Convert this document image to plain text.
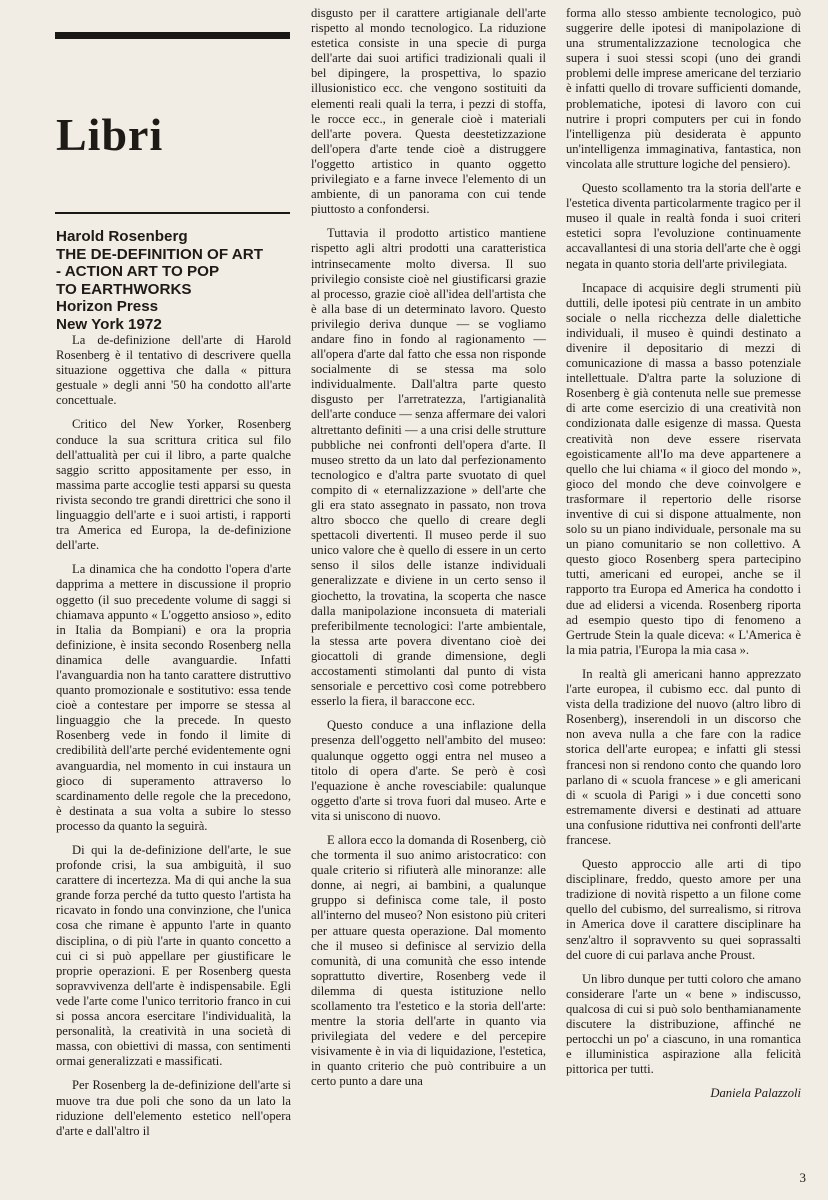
Libri
Harold Rosenberg
THE DE-DEFINITION OF ART
- ACTION ART TO POP
TO EARTHWORKS
Horizon Press
New York 1972

La de-definizione dell'arte di Harold Rosenberg è il tentativo di descrivere quella situazione oggettiva che dalla « pittura gestuale » degli anni '50 ha condotto all'arte concettuale.

Critico del New Yorker, Rosenberg conduce la sua scrittura critica sul filo dell'attualità per cui il libro, a parte qualche saggio scritto appositamente per esso, in massima parte accoglie testi apparsi su questa rivista secondo tre grandi direttrici che sono il linguaggio dell'arte e i suoi artisti, i rapporti tra America ed Europa, la de-definizione dell'arte.

La dinamica che ha condotto l'opera d'arte dapprima a mettere in discussione il proprio oggetto (il suo precedente volume di saggi si chiamava appunto « L'oggetto ansioso », edito in Italia da Bompiani) e ora la propria definizione, è insita secondo Rosenberg nella dinamica delle avanguardie. Infatti l'avanguardia non ha tanto carattere distruttivo quanto promozionale e sostitutivo: essa tende cioè a contestare per imporre se stessa al linguaggio che la precede. In questo Rosenberg vede in fondo il limite di credibilità dell'arte perché evidentemente ogni avanguardia, nel momento in cui instaura un gioco di superamento attraverso lo scardinamento delle regole che la precedono, è destinata a sua volta a subire lo stesso processo da quanto la seguirà.

Di qui la de-definizione dell'arte, le sue profonde crisi, la sua ambiguità, il suo carattere di incertezza. Ma di qui anche la sua grande forza perché da tutto questo l'artista ha ricavato in fondo una convinzione, che l'unica cosa che rimane è appunto l'arte in quanto disciplina, o di più l'arte in quanto concetto a cui ci si può appellare per giustificare le proprie operazioni. E per Rosenberg questa sopravvivenza dell'arte è indispensabile. Egli vede l'arte come l'unico territorio franco in cui si possa ancora esercitare l'individualità, la personalità, la creatività in una società di massa, con obiettivi di massa, con sentimenti ormai generalizzati e massificati.

Per Rosenberg la de-definizione dell'arte si muove tra due poli che sono da un lato la riduzione dell'elemento estetico nell'opera d'arte e dall'altro il

disgusto per il carattere artigianale dell'arte rispetto al mondo tecnologico. La riduzione estetica consiste in una specie di purga dell'arte dai suoi artifici tradizionali quali il bel dipingere, la prospettiva, lo spazio illusionistico ecc. che vengono sostituiti da elementi reali quali la terra, i pezzi di stoffa, le rocce ecc., in generale cioè i materiali dell'arte povera. Questa deestetizzazione dell'opera d'arte tende cioè a distruggere l'oggetto artistico in quanto oggetto privilegiato e a farne invece l'elemento di un ambiente, di un panorama con cui tende piuttosto a confondersi.

Tuttavia il prodotto artistico mantiene rispetto agli altri prodotti una caratteristica intrinsecamente molto diversa. Il suo privilegio consiste cioè nel giustificarsi grazie al processo, grazie cioè all'idea dell'artista che è alla base di un determinato lavoro. Questo privilegio deriva dunque — se vogliamo andare fino in fondo al ragionamento — all'opera d'arte dal fatto che essa non risponde socialmente di se stessa ma solo individualmente. Dall'altra parte questo disgusto per l'arretratezza, l'artigianalità dell'arte conduce — senza affermare dei valori altrettanto definiti — a una crisi delle strutture pubbliche nei confronti dell'opera d'arte. Il museo stretto da un lato dal perfezionamento tecnologico e d'altra parte svuotato di quel compito di « eternalizzazione » dell'arte che gli era stato assegnato in passato, non trova altro sbocco che quello di creare degli spettacoli divertenti. Il museo perde il suo unico valore che è quello di essere in un certo senso il silos delle istanze individuali generalizzate e diviene in un certo senso il giochetto, la trovatina, la scoperta che nasce dalla manipolazione inconsueta di materiali preferibilmente tecnologici: l'arte ambientale, la stessa arte povera diventano cioè dei giocattoli di grande dimensione, degli accostamenti stimolanti dal punto di vista sensoriale e percettivo così come potrebbero esserlo la fiera, il baraccone ecc.

Questo conduce a una inflazione della presenza dell'oggetto nell'ambito del museo: qualunque oggetto oggi entra nel museo a titolo di opera d'arte. Se però è così l'equazione è anche rovesciabile: qualunque oggetto d'arte si trova fuori dal museo. Arte e vita si uniscono di nuovo.

E allora ecco la domanda di Rosenberg, ciò che tormenta il suo animo aristocratico: con quale criterio si rifiuterà alle minoranze: alle donne, ai negri, ai bambini, a qualunque gruppo si definisca come tale, il posto all'interno del museo? Non esistono più criteri per attuare questa operazione. Dal momento che il museo si definisce al servizio della comunità, di una comunità che esso intende soprattutto divertire, Rosenberg vede il dilemma di questa istituzione nello scollamento tra l'estetico e la storia dell'arte: mentre la storia dell'arte in quanto via privilegiata del vedere e del percepire visivamente è in via di liquidazione, l'estetica, in quanto criterio che può contribuire a un certo punto a dare una

forma allo stesso ambiente tecnologico, può suggerire delle ipotesi di manipolazione di una strumentalizzazione tecnologica che supera i suoi stessi scopi (uno dei grandi problemi delle imprese americane del terziario è infatti quello di trovare sufficienti domande, problematiche, ipotesi di lavoro con cui nutrire i propri computers per cui in fondo l'intelligenza più desiderata è appunto un'intelligenza immaginativa, fantastica, non vincolata alle strutture logiche del pensiero).

Questo scollamento tra la storia dell'arte e l'estetica diventa particolarmente tragico per il museo il quale in realtà fonda i suoi criteri estetici sopra l'evoluzione continuamente accavallantesi di una storia dell'arte che è oggi negata in quanto storia dell'arte privilegiata.

Incapace di acquisire degli strumenti più duttili, delle ipotesi più centrate in un ambito sociale o nella ricchezza delle dialettiche individuali, il museo è quindi destinato a divenire il depositario di mezzi di comunicazione di massa a basso potenziale intellettuale. D'altra parte la soluzione di Rosenberg è già contenuta nelle sue premesse di arte come esercizio di una creatività non condizionata dalle esigenze di massa. Questa creatività non deve essere riservata egoisticamente all'Io ma deve appartenere a quello che lui chiama « il gioco del mondo », gioco del mondo che deve coinvolgere e trasformare il repertorio delle risorse inventive di cui si dispone attualmente, non solo su un piano individuale, personale ma su un piano comunitario se non collettivo. A questo gioco Rosenberg spera partecipino tutti, americani ed europei, anche se il rapporto tra Europa ed America ha condotto i due ad elidersi a vicenda. Rosenberg riporta ad esempio questo tipo di fenomeno a Gertrude Stein la quale diceva: « L'America è la mia patria, l'Europa la mia casa ».

In realtà gli americani hanno apprezzato l'arte europea, il cubismo ecc. dal punto di vista della tradizione del nuovo (altro libro di Rosenberg), inserendoli in un discorso che non aveva nulla a che fare con la radice storica dell'arte europea; e infatti gli stessi francesi non si rendono conto che quando loro parlano di « scuola francese » e gli americani di « scuola di Parigi » i due concetti sono estremamente diversi e destinati ad attuare una confusione riduttiva nei confronti dell'arte francese.

Questo approccio alle arti di tipo disciplinare, freddo, questo amore per una tradizione di novità rispetto a un filone come quello del cubismo, del surrealismo, si ritrova in America dove il carattere disciplinare ha senz'altro il sopravvento su quei soprassalti del cuore di cui parlava anche Proust.

Un libro dunque per tutti coloro che amano considerare l'arte un « bene » indiscusso, qualcosa di cui si può solo benthamianamente discutere la distribuzione, affinché ne pertocchi un po' a ciascuno, in una romantica e illuministica aspirazione alla felicità pittorica per tutti.

Daniela Palazzoli

3
